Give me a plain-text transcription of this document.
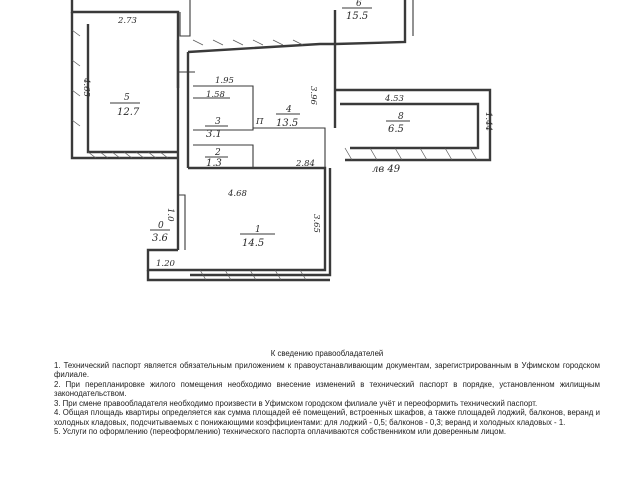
5
12.7
6
15.5
4
13.5
3
3.1
2
1.3
8
6.5
1
14.5
0
3.6
2.73
4.65	1.95
1.58	3.96	4.53
1.44
2.84
4.68
3.65
1.0
1.20
лв 49
П
К сведению правообладателей

1. Технический паспорт является обязательным приложением к правоустанавливающим документам, зарегистрированным в Уфимском городском филиале.

2. При перепланировке жилого помещения необходимо внесение изменений в технический паспорт в порядке, установленном жилищным законодательством.

3. При смене правообладателя необходимо произвести в Уфимском городском филиале учёт и переоформить технический паспорт.

4. Общая площадь квартиры определяется как сумма площадей её помещений, встроенных шкафов, а также площадей лоджий, балконов, веранд и холодных кладовых, подсчитываемых с понижающими коэффициентами: для лоджий - 0,5; балконов - 0,3; веранд и холодных кладовых - 1.

5. Услуги по оформлению (переоформлению) технического паспорта оплачиваются собственником или доверенным лицом.
